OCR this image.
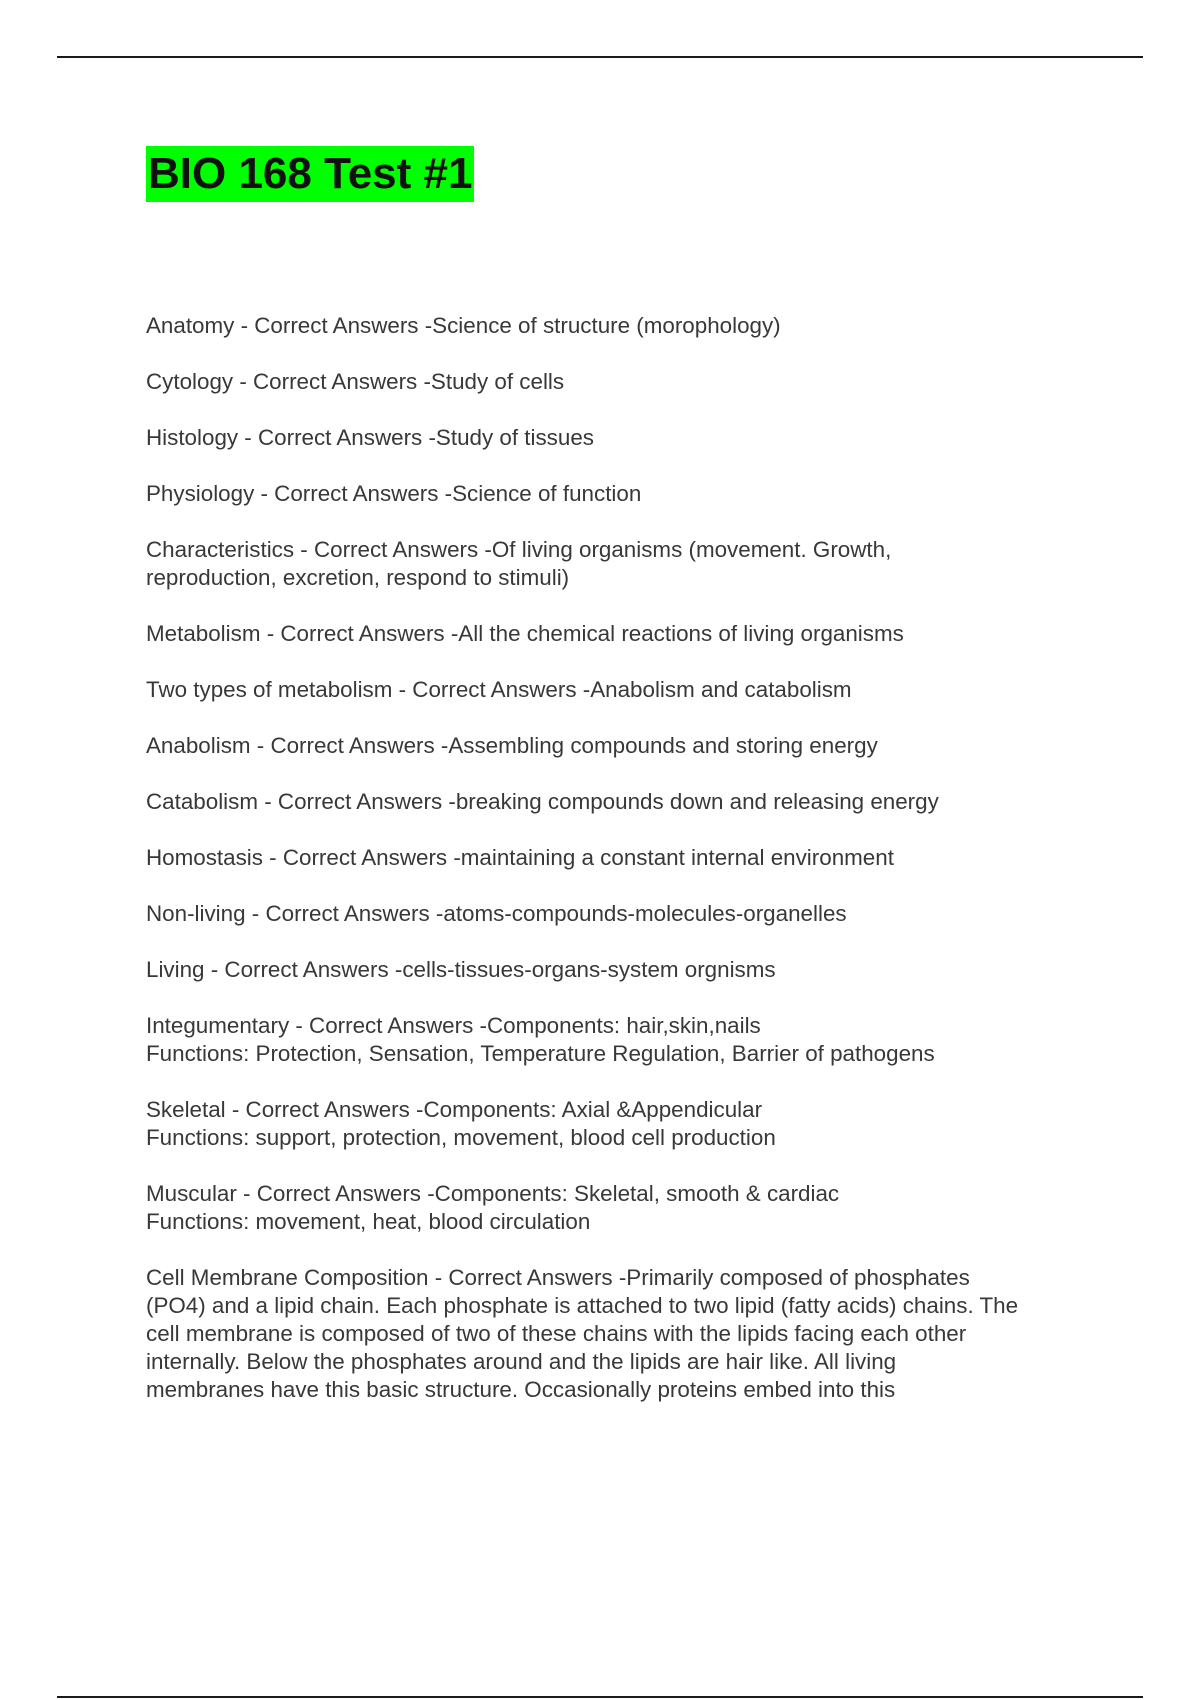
BIO 168 Test #1
Anatomy - Correct Answers -Science of structure (morophology)
Cytology - Correct Answers -Study of cells
Histology - Correct Answers -Study of tissues
Physiology - Correct Answers -Science of function
Characteristics - Correct Answers -Of living organisms (movement. Growth,
reproduction, excretion, respond to stimuli)
Metabolism - Correct Answers -All the chemical reactions of living organisms
Two types of metabolism - Correct Answers -Anabolism and catabolism
Anabolism - Correct Answers -Assembling compounds and storing energy
Catabolism - Correct Answers -breaking compounds down and releasing energy
Homostasis - Correct Answers -maintaining a constant internal environment
Non-living - Correct Answers -atoms-compounds-molecules-organelles
Living - Correct Answers -cells-tissues-organs-system orgnisms
Integumentary - Correct Answers -Components: hair,skin,nails
Functions: Protection, Sensation, Temperature Regulation, Barrier of pathogens
Skeletal - Correct Answers -Components: Axial &Appendicular
Functions: support, protection, movement, blood cell production
Muscular - Correct Answers -Components: Skeletal, smooth & cardiac
Functions: movement, heat, blood circulation
Cell Membrane Composition - Correct Answers -Primarily composed of phosphates
(PO4) and a lipid chain. Each phosphate is attached to two lipid (fatty acids) chains. The
cell membrane is composed of two of these chains with the lipids facing each other
internally. Below the phosphates around and the lipids are hair like. All living
membranes have this basic structure. Occasionally proteins embed into this
